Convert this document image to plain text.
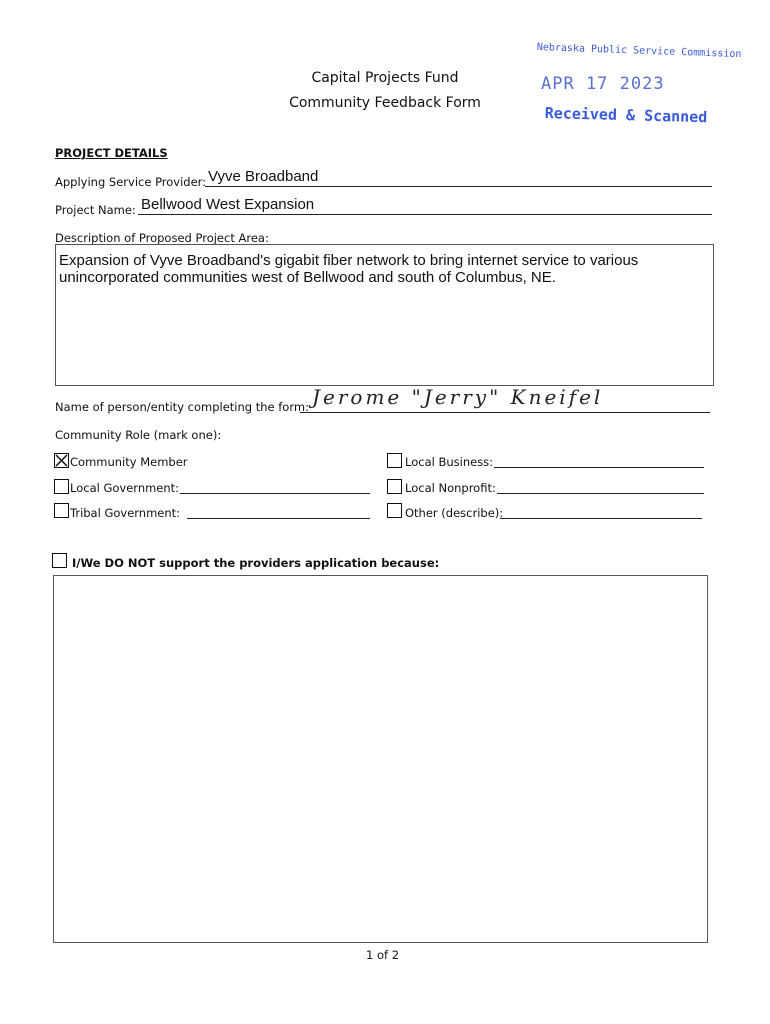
Nebraska Public Service Commission
APR 17 2023
Received & Scanned
Capital Projects Fund
Community Feedback Form
PROJECT DETAILS
Applying Service Provider: Vyve Broadband
Project Name: Bellwood West Expansion
Description of Proposed Project Area:
Expansion of Vyve Broadband's gigabit fiber network to bring internet service to various unincorporated communities west of Bellwood and south of Columbus, NE.
Name of person/entity completing the form: Jerome "Jerry" Kneifel
Community Role (mark one):
Community Member	Local Business:
Local Government:	Local Nonprofit:
Tribal Government:	Other (describe):
I/We DO NOT support the providers application because:
1 of 2
